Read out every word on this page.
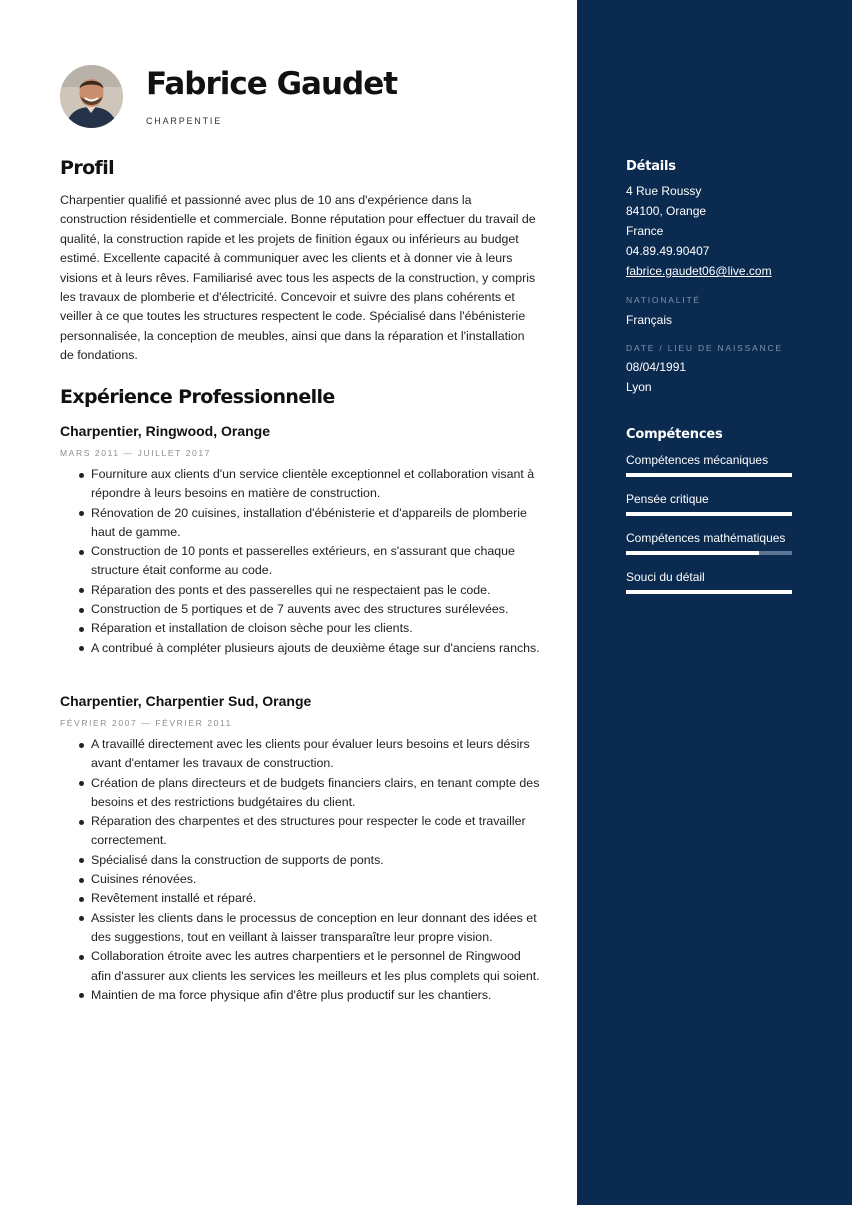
Fabrice Gaudet
CHARPENTIE
Profil

Charpentier qualifié et passionné avec plus de 10 ans d'expérience dans la construction résidentielle et commerciale. Bonne réputation pour effectuer du travail de qualité, la construction rapide et les projets de finition égaux ou inférieurs au budget estimé. Excellente capacité à communiquer avec les clients et à donner vie à leurs visions et à leurs rêves. Familiarisé avec tous les aspects de la construction, y compris les travaux de plomberie et d'électricité. Concevoir et suivre des plans cohérents et veiller à ce que toutes les structures respectent le code. Spécialisé dans l'ébénisterie personnalisée, la conception de meubles, ainsi que dans la réparation et l'installation de fondations.

Expérience Professionnelle
Charpentier, Ringwood, Orange
MARS 2011 — JUILLET 2017
Fourniture aux clients d'un service clientèle exceptionnel et collaboration visant à répondre à leurs besoins en matière de construction.
Rénovation de 20 cuisines, installation d'ébénisterie et d'appareils de plomberie haut de gamme.
Construction de 10 ponts et passerelles extérieurs, en s'assurant que chaque structure était conforme au code.
Réparation des ponts et des passerelles qui ne respectaient pas le code.
Construction de 5 portiques et de 7 auvents avec des structures surélevées.
Réparation et installation de cloison sèche pour les clients.
A contribué à compléter plusieurs ajouts de deuxième étage sur d'anciens ranchs.
Charpentier, Charpentier Sud, Orange
FÉVRIER 2007 — FÉVRIER 2011
A travaillé directement avec les clients pour évaluer leurs besoins et leurs désirs avant d'entamer les travaux de construction.
Création de plans directeurs et de budgets financiers clairs, en tenant compte des besoins et des restrictions budgétaires du client.
Réparation des charpentes et des structures pour respecter le code et travailler correctement.
Spécialisé dans la construction de supports de ponts.
Cuisines rénovées.
Revêtement installé et réparé.
Assister les clients dans le processus de conception en leur donnant des idées et des suggestions, tout en veillant à laisser transparaître leur propre vision.
Collaboration étroite avec les autres charpentiers et le personnel de Ringwood afin d'assurer aux clients les services les meilleurs et les plus complets qui soient.
Maintien de ma force physique afin d'être plus productif sur les chantiers.
Détails
4 Rue Roussy
84100, Orange
France
04.89.49.90407
fabrice.gaudet06@live.com
NATIONALITÉ
Français
DATE / LIEU DE NAISSANCE
08/04/1991
Lyon
Compétences
Compétences mécaniques
Pensée critique
Compétences mathématiques
Souci du détail
